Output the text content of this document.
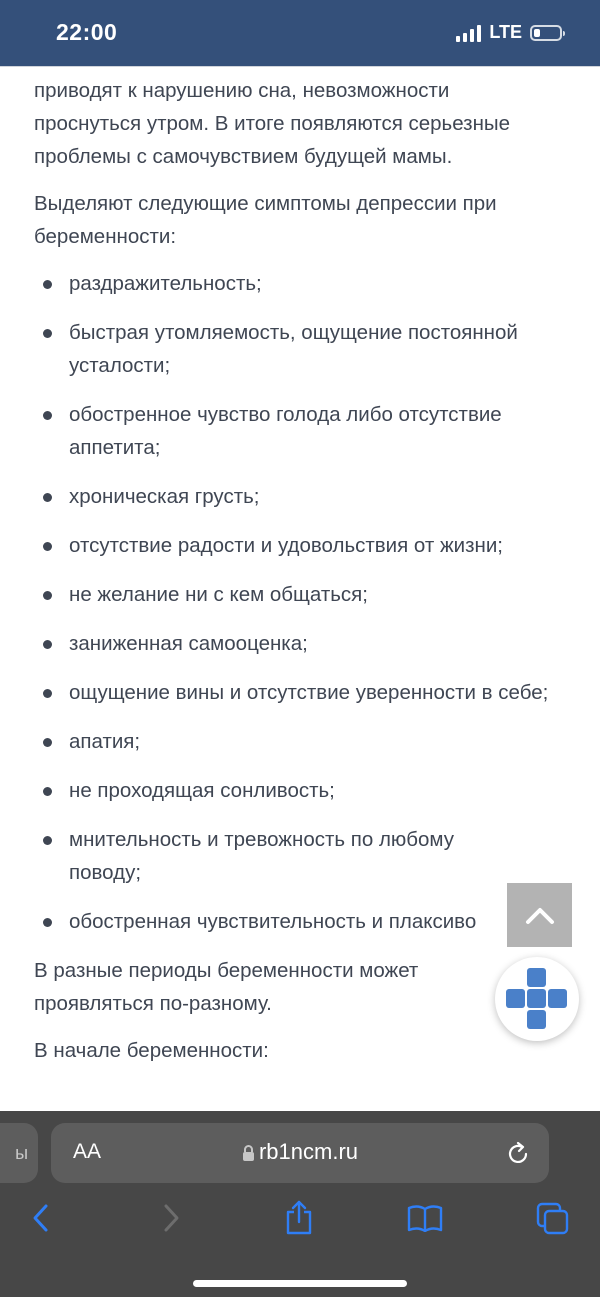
22:00	LTE

приводят к нарушению сна, невозможности
проснуться утром. В итоге появляются серьезные
проблемы с самочувствием будущей мамы.

Выделяют следующие симптомы депрессии при беременности:

раздражительность;
быстрая утомляемость, ощущение постоянной усталости;
обостренное чувство голода либо отсутствие аппетита;
хроническая грусть;
отсутствие радости и удовольствия от жизни;
не желание ни с кем общаться;
заниженная самооценка;
ощущение вины и отсутствие уверенности в себе;
апатия;
не проходящая сонливость;
мнительность и тревожность по любому поводу;
обостренная чувствительность и плаксиво

В разные периоды беременности может проявляться по-разному.

В начале беременности:

ы	AA	rb1ncm.ru
